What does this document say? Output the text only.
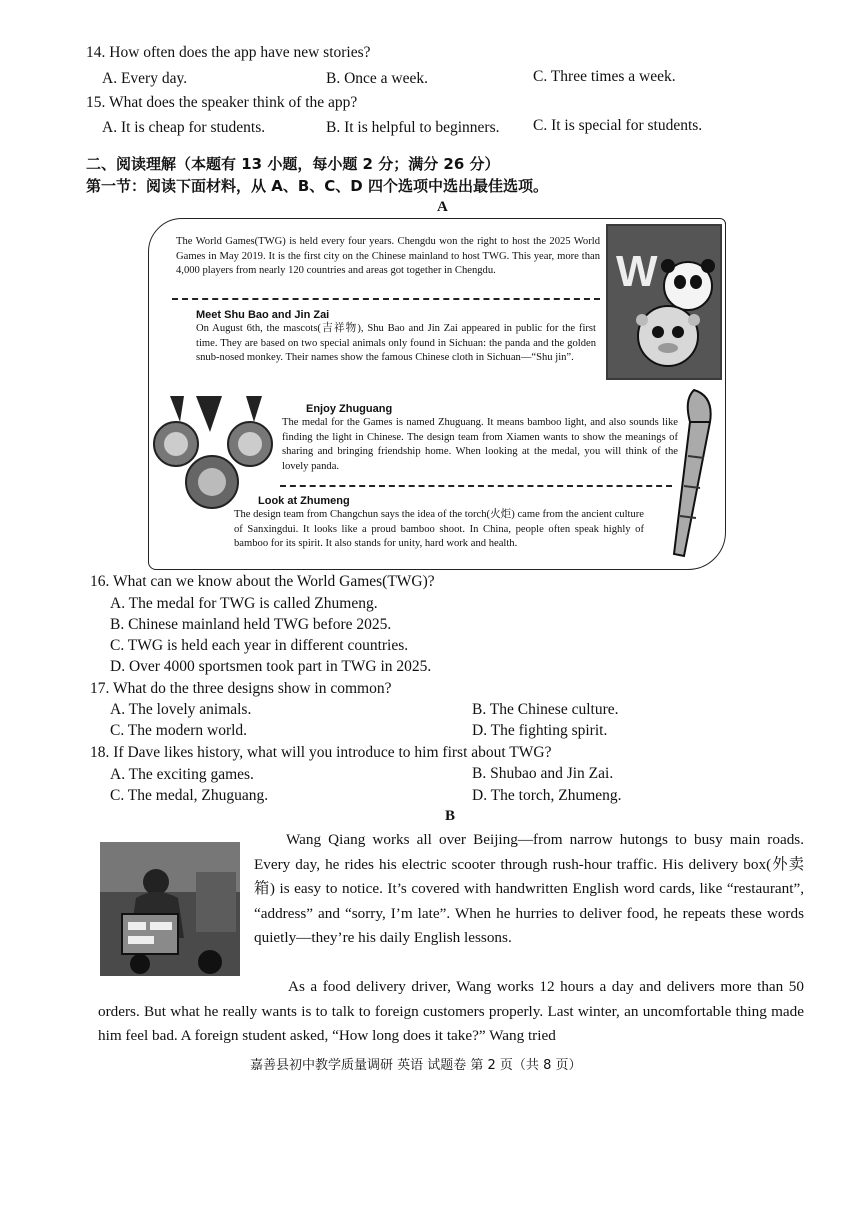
14. How often does the app have new stories?
A. Every day.	B. Once a week.	C. Three times a week.
15. What does the speaker think of the app?
A. It is cheap for students.	B. It is helpful to beginners. C. It is special for students.
二、阅读理解（本题有 13 小题，每小题 2 分；满分 26 分）
第一节：阅读下面材料，从 A、B、C、D 四个选项中选出最佳选项。
A
The World Games(TWG) is held every four years. Chengdu won the right to host the 2025 World Games in May 2019. It is the first city on the Chinese mainland to host TWG. This year, more than 4,000 players from nearly 120 countries and areas got together in Chengdu.
Meet Shu Bao and Jin Zai
On August 6th, the mascots(吉祥物), Shu Bao and Jin Zai appeared in public for the first time. They are based on two special animals only found in Sichuan: the panda and the golden snub-nosed monkey. Their names show the famous Chinese cloth in Sichuan—“Shu jin”.
W
Enjoy Zhuguang
The medal for the Games is named Zhuguang. It means bamboo light, and also sounds like finding the light in Chinese. The design team from Xiamen wants to show the meanings of sharing and bringing friendship home. When looking at the medal, you will think of the lovely panda.
Look at Zhumeng
The design team from Changchun says the idea of the torch(火炬) came from the ancient culture of Sanxingdui. It looks like a proud bamboo shoot. In China, people often speak highly of bamboo for its spirit. It also stands for unity, hard work and health.
16. What can we know about the World Games(TWG)?
A. The medal for TWG is called Zhumeng.
B. Chinese mainland held TWG before 2025.
C. TWG is held each year in different countries.
D. Over 4000 sportsmen took part in TWG in 2025.
17. What do the three designs show in common?
A. The lovely animals.	B. The Chinese culture.
C. The modern world.	D. The fighting spirit.
18. If Dave likes history, what will you introduce to him first about TWG?
A. The exciting games.	B. Shubao and Jin Zai.
C. The medal, Zhuguang.	D. The torch, Zhumeng.
B
Wang Qiang works all over Beijing—from narrow hutongs to busy main roads. Every day, he rides his electric scooter through rush-hour traffic. His delivery box(外卖箱) is easy to notice. It’s covered with handwritten English word cards, like “restaurant”, “address” and “sorry, I’m late”. When he hurries to deliver food, he repeats these words quietly—they’re his daily English lessons.
As a food delivery driver, Wang works 12 hours a day and delivers more than 50 orders. But what he really wants is to talk to foreign customers properly. Last winter, an uncomfortable thing made him feel bad. A foreign student asked, “How long does it take?” Wang tried
嘉善县初中教学质量调研 英语 试题卷 第 2 页（共 8 页）
